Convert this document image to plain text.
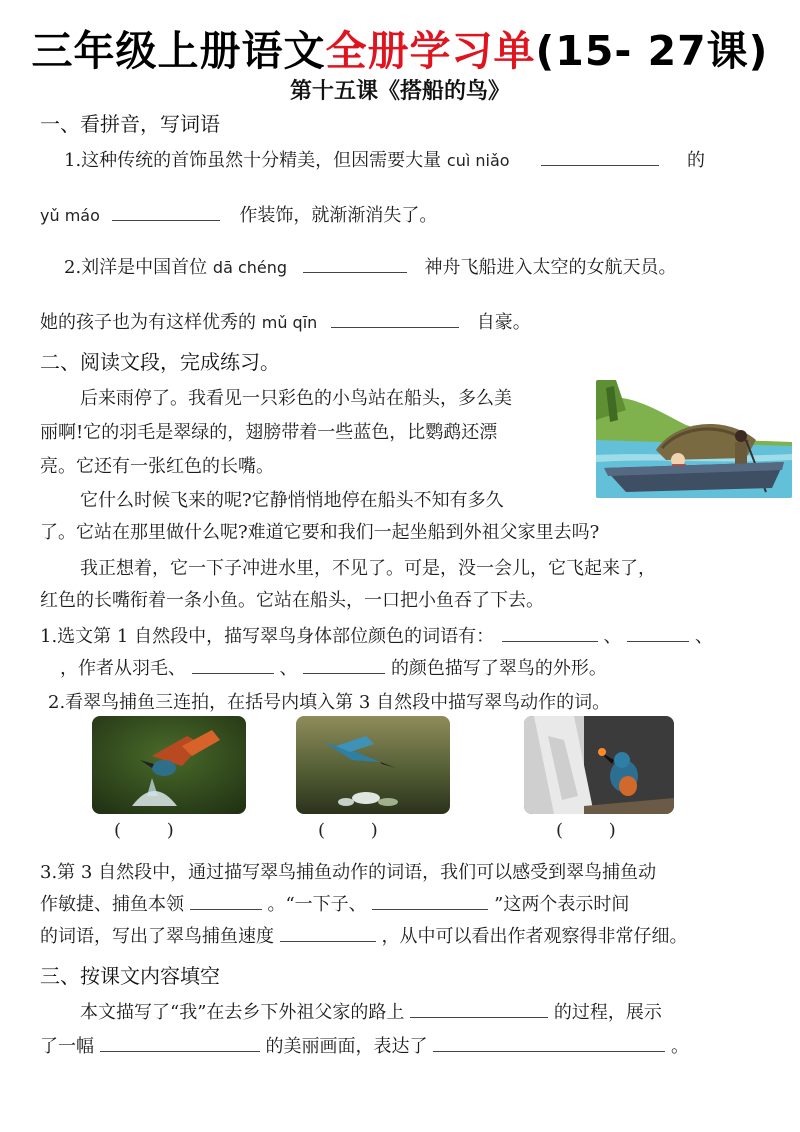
三年级上册语文全册学习单(15- 27课)
第十五课《搭船的鸟》
一、看拼音，写词语
1.这种传统的首饰虽然十分精美，但因需要大量 cuì niǎo	的
yǔ máo	作装饰，就渐渐消失了。
2.刘洋是中国首位 dā chéng	神舟飞船进入太空的女航天员。
她的孩子也为有这样优秀的 mǔ qīn	自豪。
二、阅读文段，完成练习。
后来雨停了。我看见一只彩色的小鸟站在船头，多么美
丽啊!它的羽毛是翠绿的，翅膀带着一些蓝色，比鹦鹉还漂
亮。它还有一张红色的长嘴。
它什么时候飞来的呢?它静悄悄地停在船头不知有多久
了。它站在那里做什么呢?难道它要和我们一起坐船到外祖父家里去吗?
我正想着，它一下子冲进水里，不见了。可是，没一会儿，它飞起来了，
红色的长嘴衔着一条小鱼。它站在船头，一口把小鱼吞了下去。
1.选文第 1 自然段中，描写翠鸟身体部位颜色的词语有：	、	、
，作者从羽毛、	、	的颜色描写了翠鸟的外形。
2.看翠鸟捕鱼三连拍，在括号内填入第 3 自然段中描写翠鸟动作的词。
(        )	(        )	(        )
3.第 3 自然段中，通过描写翠鸟捕鱼动作的词语，我们可以感受到翠鸟捕鱼动
作敏捷、捕鱼本领	。“一下子、	”这两个表示时间
的词语，写出了翠鸟捕鱼速度	，从中可以看出作者观察得非常仔细。
三、按课文内容填空
本文描写了“我”在去乡下外祖父家的路上	的过程，展示
了一幅	的美丽画面，表达了	。
